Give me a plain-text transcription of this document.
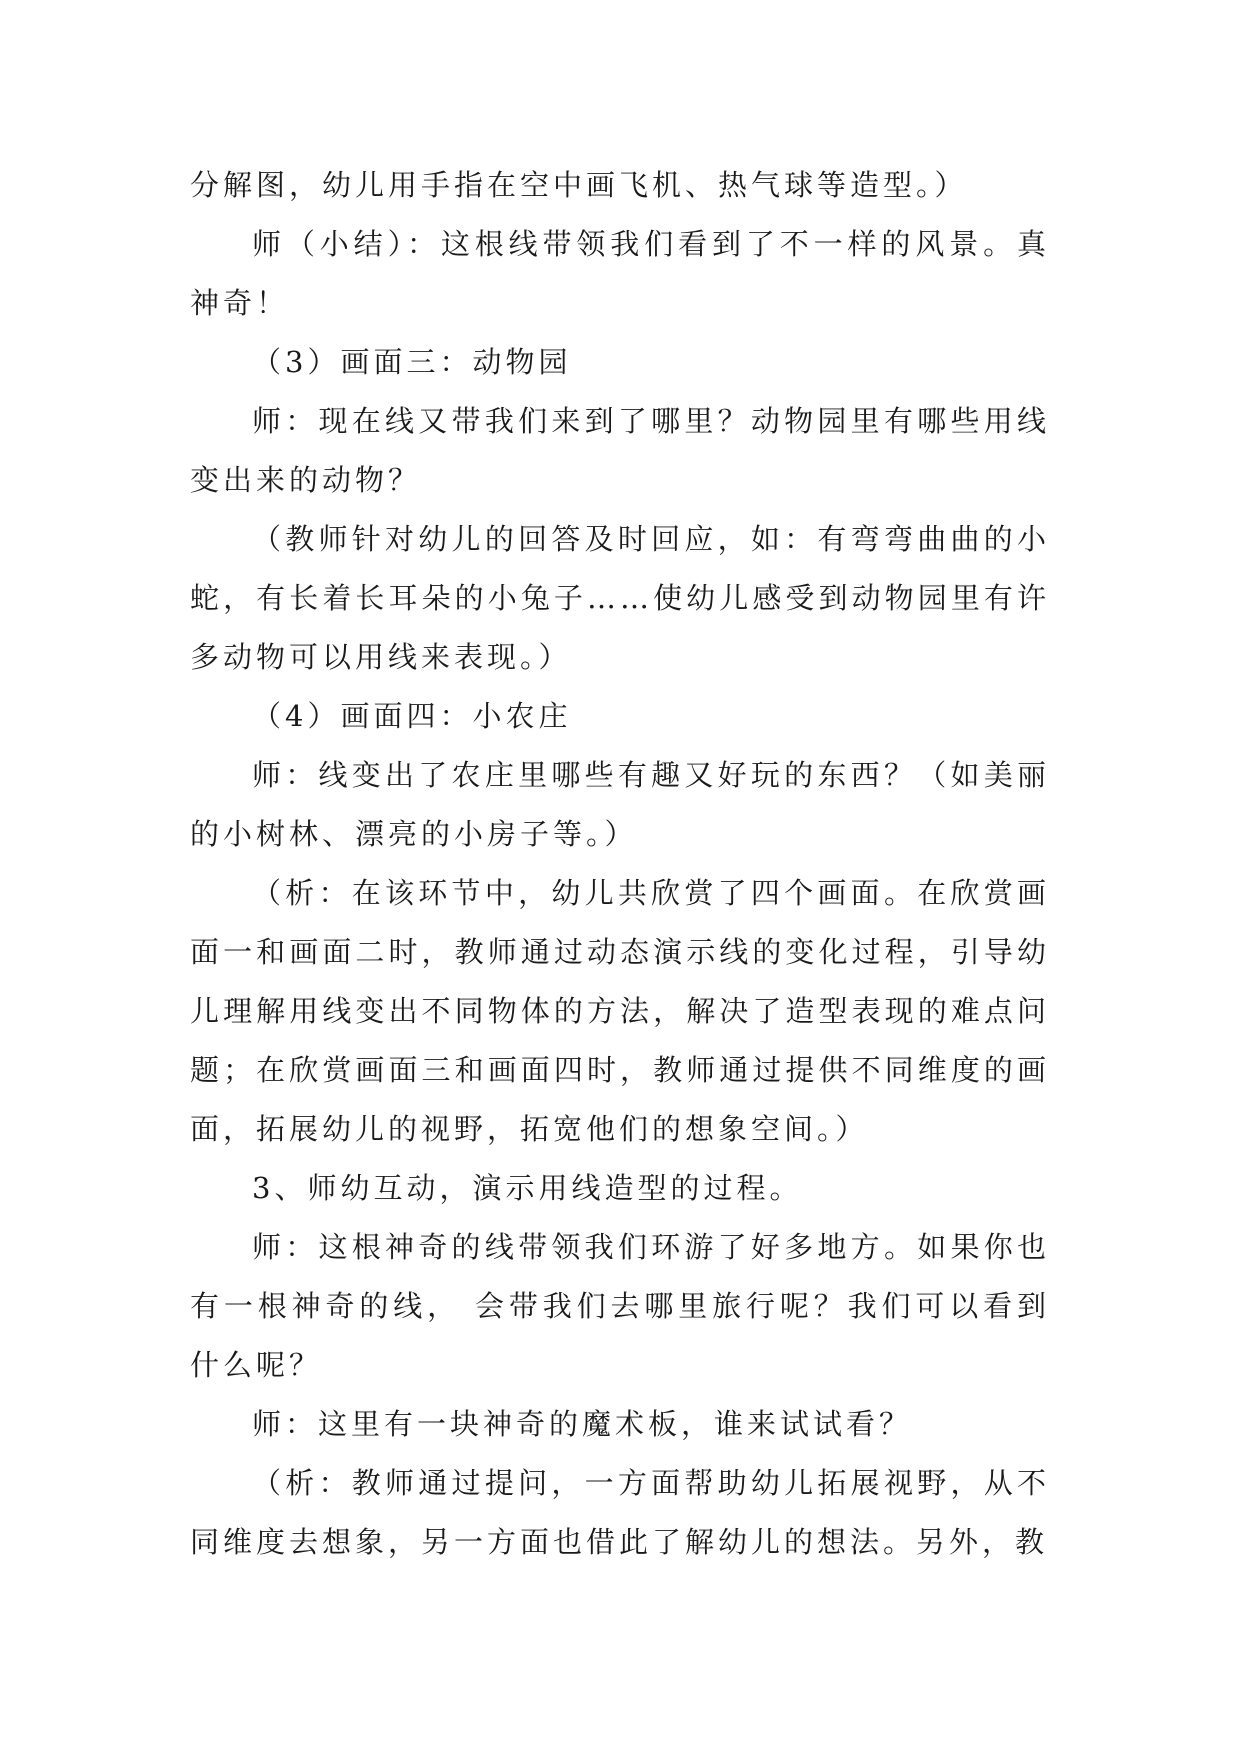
分解图，幼儿用手指在空中画飞机、热气球等造型。）

师（小结）：这根线带领我们看到了不一样的风景。真神奇！

（3）画面三：动物园

师：现在线又带我们来到了哪里？动物园里有哪些用线变出来的动物？

（教师针对幼儿的回答及时回应，如：有弯弯曲曲的小蛇，有长着长耳朵的小兔子……使幼儿感受到动物园里有许多动物可以用线来表现。）

（4）画面四：小农庄

师：线变出了农庄里哪些有趣又好玩的东西？（如美丽的小树林、漂亮的小房子等。）

（析：在该环节中，幼儿共欣赏了四个画面。在欣赏画面一和画面二时，教师通过动态演示线的变化过程，引导幼儿理解用线变出不同物体的方法，解决了造型表现的难点问题；在欣赏画面三和画面四时，教师通过提供不同维度的画面，拓展幼儿的视野，拓宽他们的想象空间。）

3、师幼互动，演示用线造型的过程。

师：这根神奇的线带领我们环游了好多地方。如果你也有一根神奇的线， 会带我们去哪里旅行呢？我们可以看到什么呢？

师：这里有一块神奇的魔术板，谁来试试看？

（析：教师通过提问，一方面帮助幼儿拓展视野，从不同维度去想象，另一方面也借此了解幼儿的想法。另外，教
